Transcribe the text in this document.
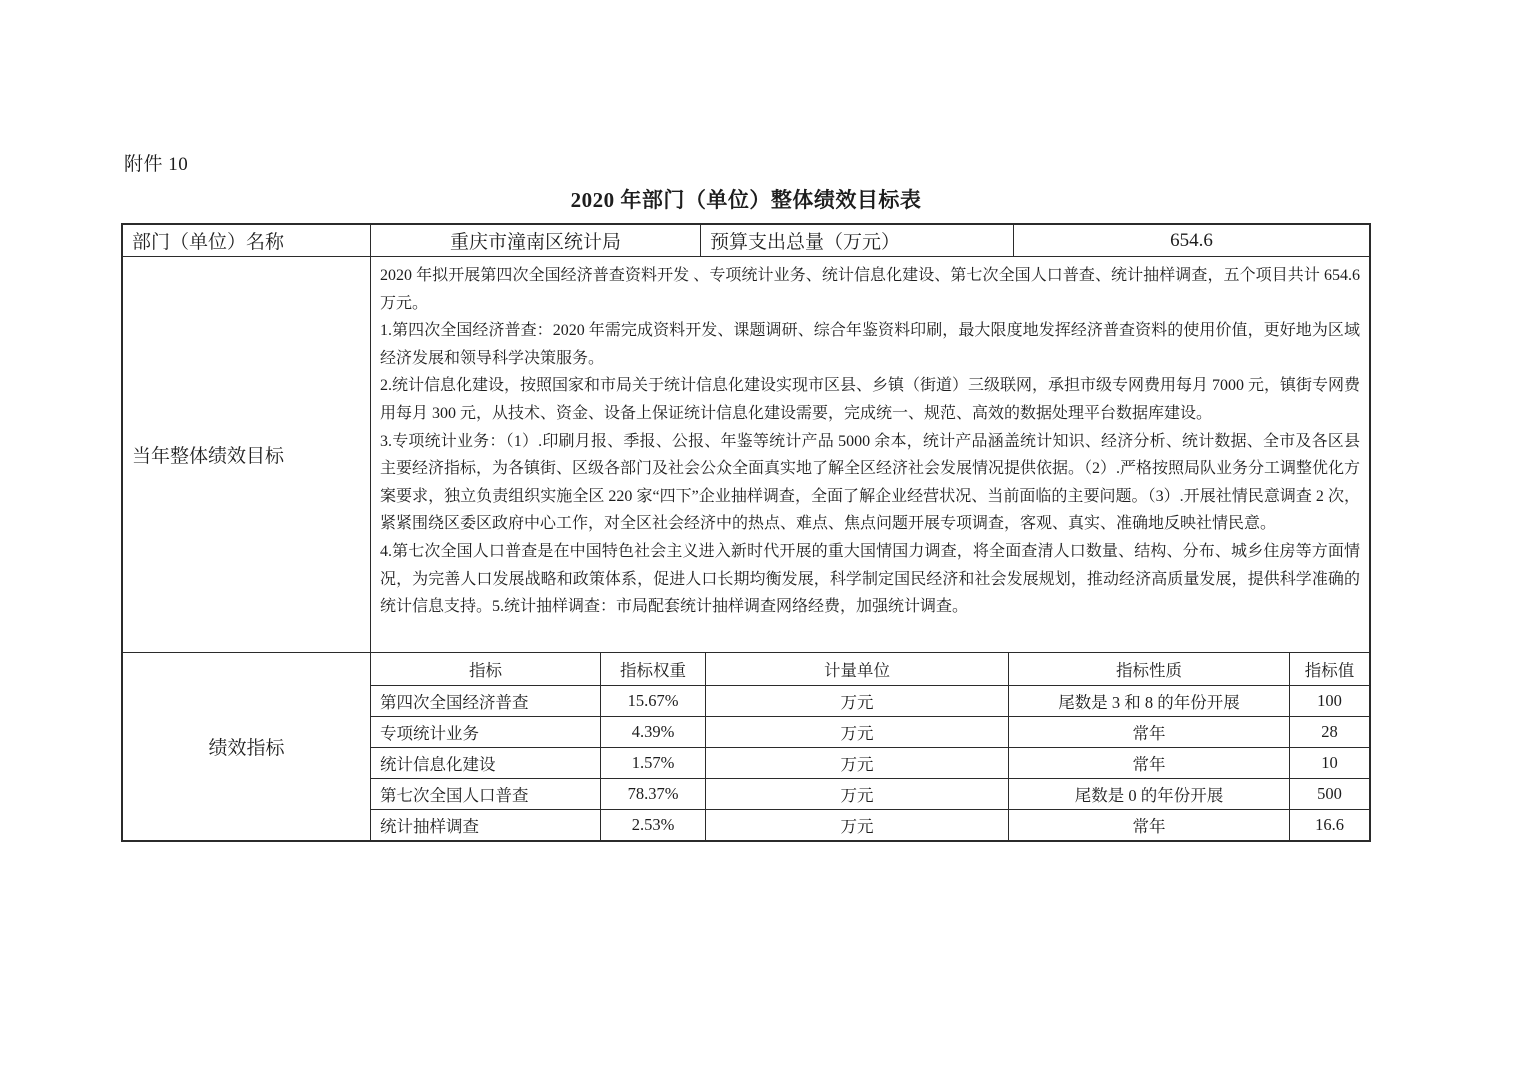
附件 10
2020 年部门（单位）整体绩效目标表
部门（单位）名称	重庆市潼南区统计局	预算支出总量（万元）	654.6
当年整体绩效目标

2020 年拟开展第四次全国经济普查资料开发 、专项统计业务、统计信息化建设、第七次全国人口普查、统计抽样调查，五个项目共计 654.6 万元。

1.第四次全国经济普查：2020 年需完成资料开发、课题调研、综合年鉴资料印刷，最大限度地发挥经济普查资料的使用价值，更好地为区域经济发展和领导科学决策服务。

2.统计信息化建设，按照国家和市局关于统计信息化建设实现市区县、乡镇（街道）三级联网，承担市级专网费用每月 7000 元，镇街专网费用每月 300 元，从技术、资金、设备上保证统计信息化建设需要，完成统一、规范、高效的数据处理平台数据库建设。

3.专项统计业务：（1）.印刷月报、季报、公报、年鉴等统计产品 5000 余本，统计产品涵盖统计知识、经济分析、统计数据、全市及各区县主要经济指标，为各镇街、区级各部门及社会公众全面真实地了解全区经济社会发展情况提供依据。（2）.严格按照局队业务分工调整优化方案要求，独立负责组织实施全区 220 家“四下”企业抽样调查，全面了解企业经营状况、当前面临的主要问题。（3）.开展社情民意调查 2 次，紧紧围绕区委区政府中心工作，对全区社会经济中的热点、难点、焦点问题开展专项调查，客观、真实、准确地反映社情民意。

4.第七次全国人口普查是在中国特色社会主义进入新时代开展的重大国情国力调查，将全面查清人口数量、结构、分布、城乡住房等方面情况，为完善人口发展战略和政策体系，促进人口长期均衡发展，科学制定国民经济和社会发展规划，推动经济高质量发展，提供科学准确的统计信息支持。5.统计抽样调查：市局配套统计抽样调查网络经费，加强统计调查。

绩效指标
指标	指标权重	计量单位	指标性质	指标值
第四次全国经济普查	15.67%	万元	尾数是 3 和 8 的年份开展	100
专项统计业务	4.39%	万元	常年	28
统计信息化建设	1.57%	万元	常年	10
第七次全国人口普查	78.37%	万元	尾数是 0 的年份开展	500
统计抽样调查	2.53%	万元	常年	16.6
